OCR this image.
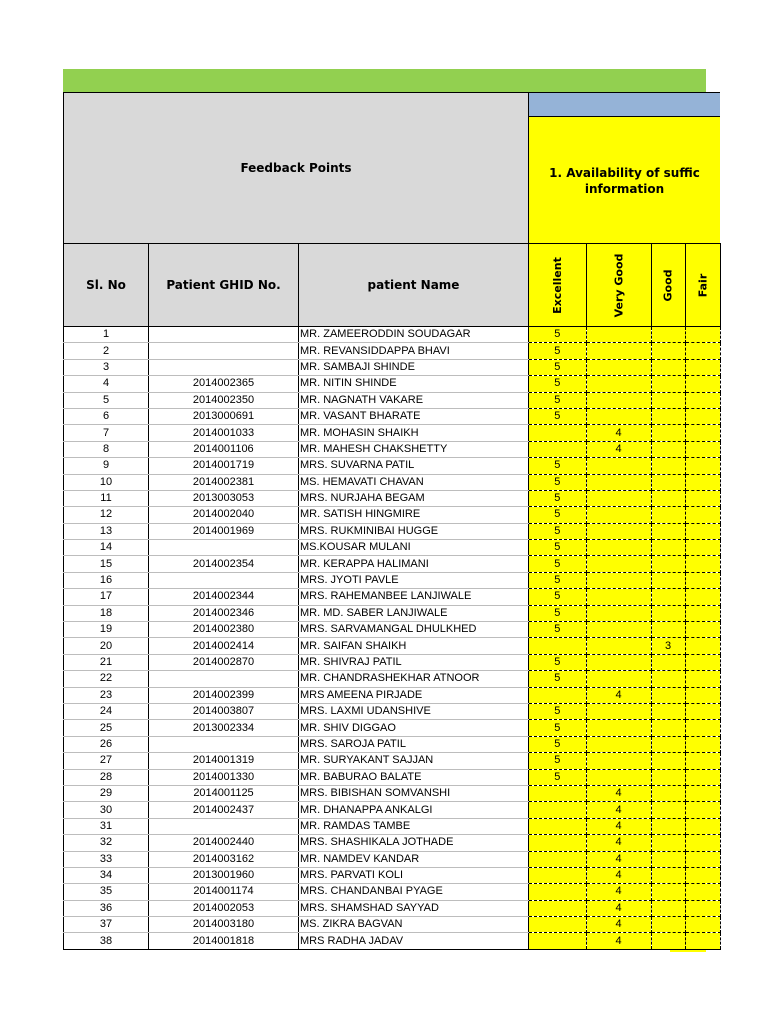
Feedback Points			1. Availability of suffic
information			

Sl. No	Patient GHID No.	patient Name	Excellent	Very Good	Good	Fair
1		MR. ZAMEERODDIN SOUDAGAR	5			
2		MR. REVANSIDDAPPA BHAVI	5			
3		MR. SAMBAJI SHINDE	5			
4	2014002365	MR. NITIN SHINDE	5			
5	2014002350	MR. NAGNATH VAKARE	5			
6	2013000691	MR. VASANT BHARATE	5			
7	2014001033	MR. MOHASIN SHAIKH		4		
8	2014001106	MR. MAHESH CHAKSHETTY		4		
9	2014001719	MRS. SUVARNA PATIL	5			
10	2014002381	MS. HEMAVATI CHAVAN	5			
11	2013003053	MRS. NURJAHA BEGAM	5			
12	2014002040	MR. SATISH HINGMIRE	5			
13	2014001969	MRS. RUKMINIBAI HUGGE	5			
14		MS.KOUSAR MULANI	5			
15	2014002354	MR. KERAPPA HALIMANI	5			
16		MRS. JYOTI PAVLE	5			
17	2014002344	MRS. RAHEMANBEE LANJIWALE	5			
18	2014002346	MR. MD. SABER LANJIWALE	5			
19	2014002380	MRS. SARVAMANGAL DHULKHED	5			
20	2014002414	MR. SAIFAN SHAIKH			3	
21	2014002870	MR. SHIVRAJ PATIL	5			
22		MR. CHANDRASHEKHAR ATNOOR	5			
23	2014002399	MRS AMEENA PIRJADE		4		
24	2014003807	MRS. LAXMI UDANSHIVE	5			
25	2013002334	MR. SHIV DIGGAO	5			
26		MRS. SAROJA PATIL	5			
27	2014001319	MR. SURYAKANT SAJJAN	5			
28	2014001330	MR. BABURAO BALATE	5			
29	2014001125	MRS. BIBISHAN SOMVANSHI		4		
30	2014002437	MR. DHANAPPA ANKALGI		4		
31		MR. RAMDAS TAMBE		4		
32	2014002440	MRS. SHASHIKALA JOTHADE		4		
33	2014003162	MR. NAMDEV KANDAR		4		
34	2013001960	MRS. PARVATI KOLI		4		
35	2014001174	MRS. CHANDANBAI PYAGE		4		
36	2014002053	MRS. SHAMSHAD SAYYAD		4		
37	2014003180	MS. ZIKRA BAGVAN		4		
38	2014001818	MRS RADHA JADAV		4		
